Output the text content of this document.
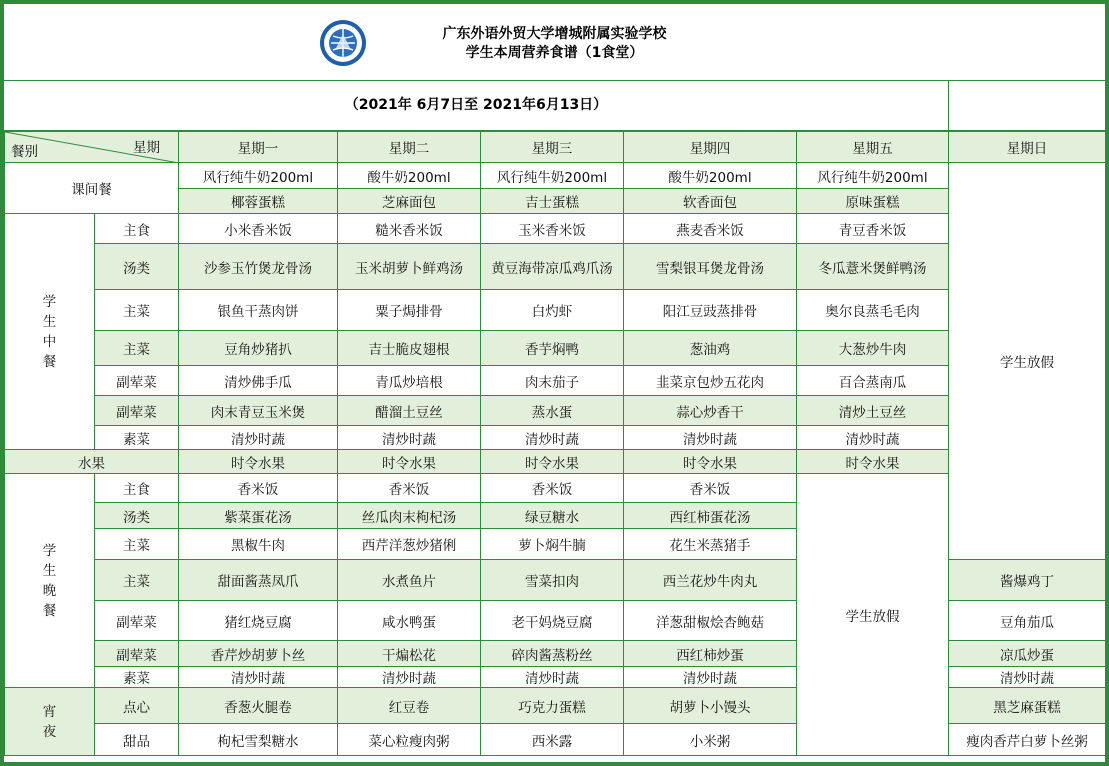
广东外语外贸大学增城附属实验学校
学生本周营养食谱（1食堂）
（2021年 6月7日至 2021年6月13日）
餐别 星期		星期一	星期二	星期三	星期四	星期五	星期日	
课间餐		风行纯牛奶200ml	酸牛奶200ml	风行纯牛奶200ml	酸牛奶200ml	风行纯牛奶200ml	学生放假	
		椰蓉蛋糕	芝麻面包	吉士蛋糕	软香面包	原味蛋糕		
学
生
中
餐	主食	小米香米饭	糙米香米饭	玉米香米饭	燕麦香米饭	青豆香米饭		
	汤类	沙参玉竹煲龙骨汤	玉米胡萝卜鲜鸡汤	黄豆海带凉瓜鸡爪汤	雪梨银耳煲龙骨汤	冬瓜薏米煲鲜鸭汤		
	主菜	银鱼干蒸肉饼	粟子焗排骨	白灼虾	阳江豆豉蒸排骨	奥尔良蒸毛毛肉		
	主菜	豆角炒猪扒	吉士脆皮翅根	香芋焖鸭	葱油鸡	大葱炒牛肉		
	副荤菜	清炒佛手瓜	青瓜炒培根	肉末茄子	韭菜京包炒五花肉	百合蒸南瓜		
	副荤菜	肉末青豆玉米煲	醋溜土豆丝	蒸水蛋	蒜心炒香干	清炒土豆丝		
	素菜	清炒时蔬	清炒时蔬	清炒时蔬	清炒时蔬	清炒时蔬		
水果		时令水果	时令水果	时令水果	时令水果	时令水果		
学
生
晚
餐	主食	香米饭	香米饭	香米饭	香米饭	学生放假	
	汤类	紫菜蛋花汤	丝瓜肉末枸杞汤	绿豆糖水	西红柿蛋花汤	
	主菜	黑椒牛肉	西芹洋葱炒猪俐	萝卜焖牛腩	花生米蒸猪手	
	主菜	甜面酱蒸凤爪	水煮鱼片	雪菜扣肉	西兰花炒牛肉丸		酱爆鸡丁	
	副荤菜	猪红烧豆腐	咸水鸭蛋	老干妈烧豆腐	洋葱甜椒烩杏鲍菇		豆角茄瓜	
	副荤菜	香芹炒胡萝卜丝	干煸松花	碎肉酱蒸粉丝	西红柿炒蛋		凉瓜炒蛋	
	素菜	清炒时蔬	清炒时蔬	清炒时蔬	清炒时蔬		清炒时蔬	
宵
夜	点心	香葱火腿卷	红豆卷	巧克力蛋糕	胡萝卜小馒头		黑芝麻蛋糕	
	甜品	枸杞雪梨糖水	菜心粒瘦肉粥	西米露	小米粥		瘦肉香芹白萝卜丝粥	
